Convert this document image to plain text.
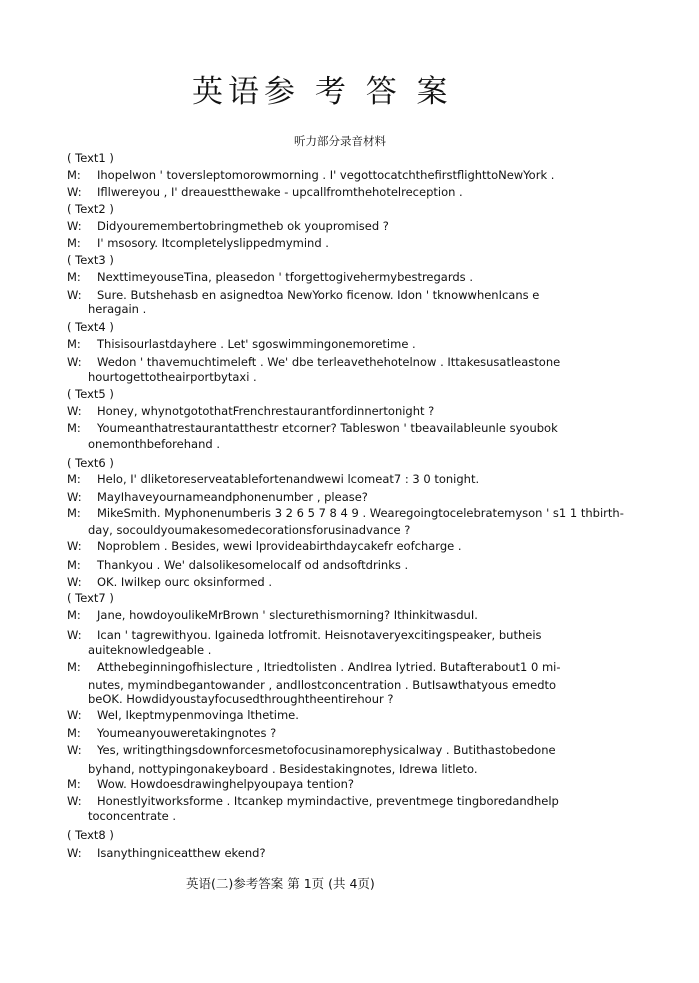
英语参 考 答 案
听力部分录音材料
( Text1 )
M: Ihopelwon ' toversleptomorowmorning . I' vegottocatchthefirstflighttoNewYork .
W: Ifllwereyou , I' dreauestthewake - upcallfromthehotelreception .
( Text2 )
W: Didyouremembertobringmetheb ok youpromised ?
M: I' msosory. Itcompletelyslippedmymind .
( Text3 )
M: NexttimeyouseTina, pleasedon ' tforgettogivehermybestregards .
W: Sure. Butshehasb en asignedtoa NewYorko ficenow. Idon ' tknowwhenIcans e
heragain .
( Text4 )
M: Thisisourlastdayhere . Let' sgoswimmingonemoretime .
W: Wedon ' thavemuchtimeleft . We' dbe terleavethehotelnow . Ittakesusatleastone
hourtogettotheairportbytaxi .
( Text5 )
W: Honey, whynotgotothatFrenchrestaurantfordinnertonight ?
M: Youmeanthatrestaurantatthestr etcorner? Tableswon ' tbeavailableunle syoubok
onemonthbeforehand .
( Text6 )
M: Helo, I' dliketoreserveatablefortenandwewi lcomeat7 : 3 0 tonight.
W: MayIhaveyournameandphonenumber , please?
M: MikeSmith. Myphonenumberis 3 2 6 5 7 8 4 9 . Wearegoingtocelebratemyson ' s1 1 thbirth-
day, socouldyoumakesomedecorationsforusinadvance ?
W: Noproblem . Besides, wewi lprovideabirthdaycakefr eofcharge .
M: Thankyou . We' dalsolikesomelocalf od andsoftdrinks .
W: OK. IwiIkep ourc oksinformed .
( Text7 )
M: Jane, howdoyoulikeMrBrown ' slecturethismorning? IthinkitwasduI.
W: Ican ' tagrewithyou. Igaineda lotfromit. Heisnotaveryexcitingspeaker, butheis
auiteknowledgeable .
M: Atthebeginningofhislecture , Itriedtolisten . AndIrea lytried. Butafterabout1 0 mi-
nutes, mymindbegantowander , andIlostconcentration . ButIsawthatyous emedto
beOK. Howdidyoustayfocusedthroughtheentirehour ?
W: WeI, Ikeptmypenmovinga lthetime.
M: Youmeanyouweretakingnotes ?
W: Yes, writingthingsdownforcesmetofocusinamorephysicalway . Butithastobedone
byhand, nottypingonakeyboard . Besidestakingnotes, Idrewa litleto.
M: Wow. Howdoesdrawinghelpyoupaya tention?
W: Honestlyitworksforme . Itcankep mymindactive, preventmege tingboredandhelp
toconcentrate .
( Text8 )
W: Isanythingniceatthew ekend?
英语(二)参考答案 第 1页 (共 4页)
